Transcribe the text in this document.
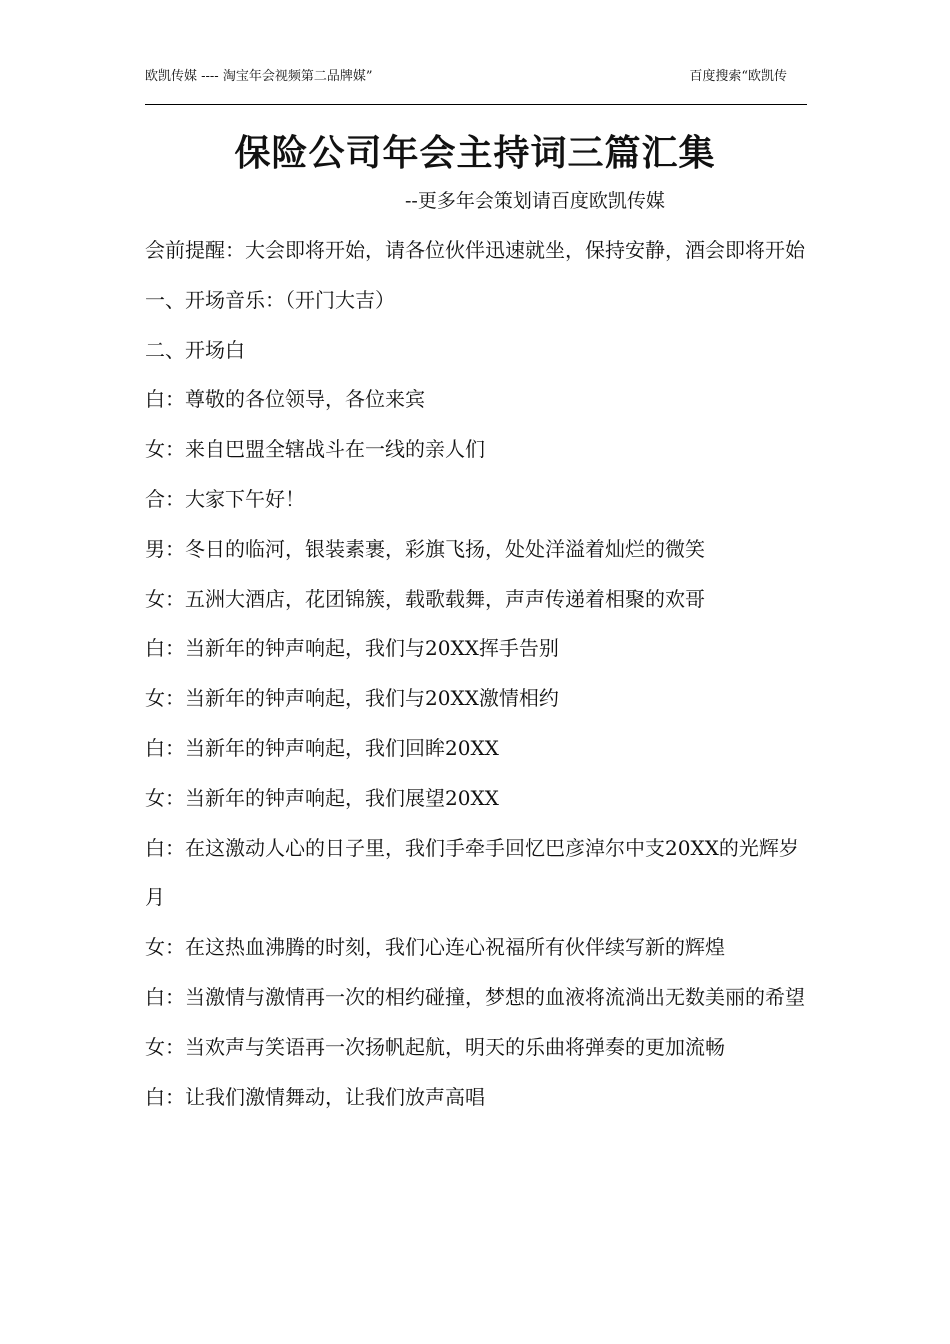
欧凯传媒 ---- 淘宝年会视频第二品牌媒”	百度搜索“欧凯传
保险公司年会主持词三篇汇集
--更多年会策划请百度欧凯传媒

会前提醒：大会即将开始，请各位伙伴迅速就坐，保持安静，酒会即将开始

一、开场音乐：（开门大吉）

二、开场白

白：尊敬的各位领导，各位来宾

女：来自巴盟全辖战斗在一线的亲人们

合：大家下午好！

男：冬日的临河，银装素裹，彩旗飞扬，处处洋溢着灿烂的微笑

女：五洲大酒店，花团锦簇，载歌载舞，声声传递着相聚的欢哥

白：当新年的钟声响起，我们与20XX挥手告别

女：当新年的钟声响起，我们与20XX激情相约

白：当新年的钟声响起，我们回眸20XX

女：当新年的钟声响起，我们展望20XX

白：在这激动人心的日子里，我们手牵手回忆巴彦淖尔中支20XX的光辉岁月

女：在这热血沸腾的时刻，我们心连心祝福所有伙伴续写新的辉煌

白：当激情与激情再一次的相约碰撞，梦想的血液将流淌出无数美丽的希望

女：当欢声与笑语再一次扬帆起航，明天的乐曲将弹奏的更加流畅

白：让我们激情舞动，让我们放声高唱
